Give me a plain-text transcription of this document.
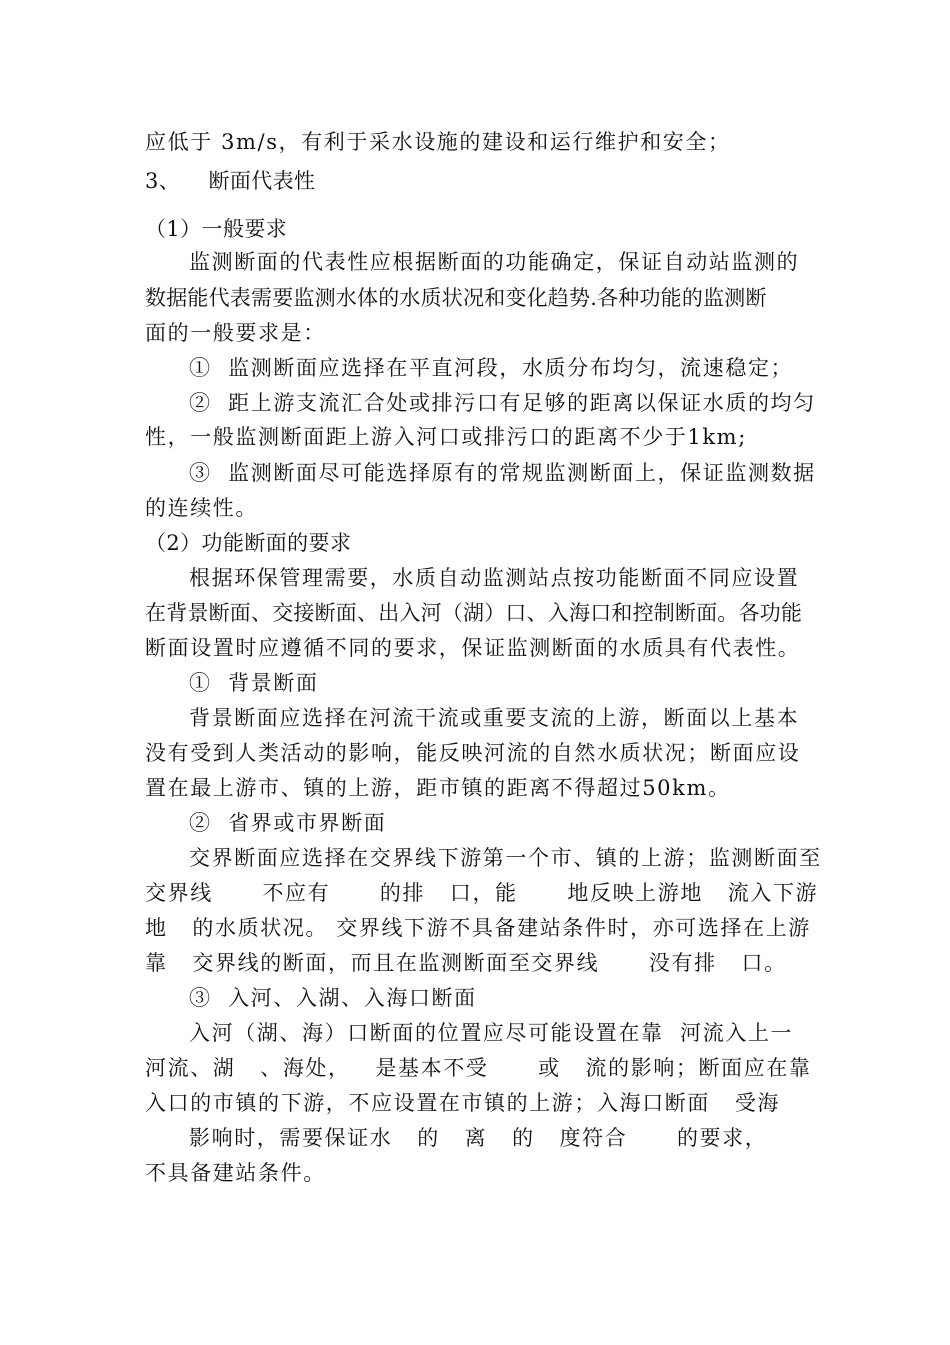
应低于 3m/s，有利于采水设施的建设和运行维护和安全；
3、    断面代表性
（1）一般要求
监测断面的代表性应根据断面的功能确定，保证自动站监测的
数据能代表需要监测水体的水质状况和变化趋势.各种功能的监测断
面的一般要求是：
①  监测断面应选择在平直河段，水质分布均匀，流速稳定；
②  距上游支流汇合处或排污口有足够的距离以保证水质的均匀
性，一般监测断面距上游入河口或排污口的距离不少于1km;
③  监测断面尽可能选择原有的常规监测断面上，保证监测数据
的连续性。
（2）功能断面的要求
根据环保管理需要，水质自动监测站点按功能断面不同应设置
在背景断面、交接断面、出入河（湖）口、入海口和控制断面。各功能
断面设置时应遵循不同的要求，保证监测断面的水质具有代表性。
①  背景断面
背景断面应选择在河流干流或重要支流的上游，断面以上基本
没有受到人类活动的影响，能反映河流的自然水质状况；断面应设
置在最上游市、镇的上游，距市镇的距离不得超过50km。
②  省界或市界断面
交界断面应选择在交界线下游第一个市、镇的上游；监测断面至
交界线      不应有      的排   口，能      地反映上游地   流入下游
地   的水质状况。 交界线下游不具备建站条件时，亦可选择在上游
靠   交界线的断面，而且在监测断面至交界线      没有排   口。
③  入河、入湖、入海口断面
入河（湖、海）口断面的位置应尽可能设置在靠  河流入上一
河流、湖   、海处，   是基本不受      或   流的影响；断面应在靠
入口的市镇的下游，不应设置在市镇的上游；入海口断面   受海
影响时，需要保证水   的   离   的   度符合      的要求，
不具备建站条件。
